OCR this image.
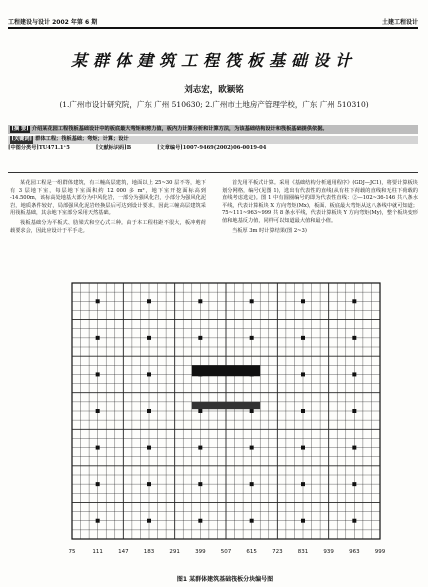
工程建设与设计 2002 年第 6 期	土建工程设计
某群体建筑工程筏板基础设计
刘志宏，欧颖铭
(1.广州市设计研究院，广东 广州 510630; 2.广州市土地房产管理学校，广东 广州 510310)
[摘 要] 介绍某花园工程筏板基础设计中的板底最大弯矩和剪力值，板内力计算分析和计算方法，为该基础结构设计和筏板基础提供依据。
[关键词] 群体工程；筏板基础；弯矩；计算；设计
[中图分类号]TU471.1⁺5	[文献标识码]B	[文章编号]1007-9469(2002)06-0019-04

某花园工程是一组群体建筑，有三幢高层建筑，地面以上 25~30 层不等，地下有 3 层地下室，每层地下室面积约 12 000 多 m²，地下室开挖面标高到 -14.500m，该标高处地基大部分为中风化岩，一部分为强风化岩，小部分为强风化泥岩，地质条件较好，局部强风化泥岩经换层后可达到设计要求，因此三幢高层建筑采用筏板基础，其余地下室部分采用天然基础。

筏板基础分为平板式、肋梁式和空心式三种。由于本工程柱距不很大，板冲剪荷载要求会，因此应设计于平手走。

首先用平板式计算。采用《基础结构分析通用程序》(GDJ—JC1)，将要计算板块划分网格，编号(见图 1)，选出有代表性的直线(从有柱下荷载的直线和无柱下荷载的直线考虑选定)。图 1 中有圆圈编号的即为代表性直线：②—102~36-146 共八条水平线，代表计算板块 X 方向弯矩(Mx)，板面、板底最大弯矩从这八条线中就可知道；75~111~963~999 共 8 条水平线，代表计算板块 Y 方向弯矩(My)，整个板块变形值和地基反力值，同样可以知道最大值和最小值。

当板厚 3m 时计算结果(图 2~3)

75	111	147	183	291	399	507	615	723	831	939	963	999
图1 某群体建筑基础筏板分块编号图
